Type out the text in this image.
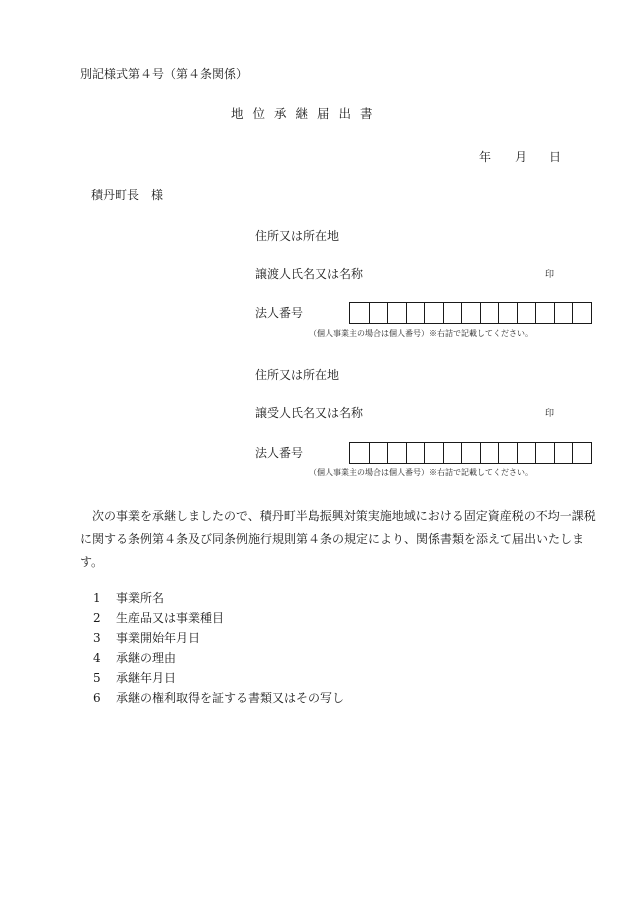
別記様式第４号（第４条関係）
地位承継届出書
年	月	日
積丹町長　様
住所又は所在地
譲渡人氏名又は名称	印
法人番号
（個人事業主の場合は個人番号）※右詰で記載してください。
住所又は所在地
譲受人氏名又は名称	印
法人番号
（個人事業主の場合は個人番号）※右詰で記載してください。
次の事業を承継しましたので、積丹町半島振興対策実施地域における固定資産税の不均一課税
に関する条例第４条及び同条例施行規則第４条の規定により、関係書類を添えて届出いたします。
1	事業所名
2	生産品又は事業種目
3	事業開始年月日
4	承継の理由
5	承継年月日
6	承継の権利取得を証する書類又はその写し
